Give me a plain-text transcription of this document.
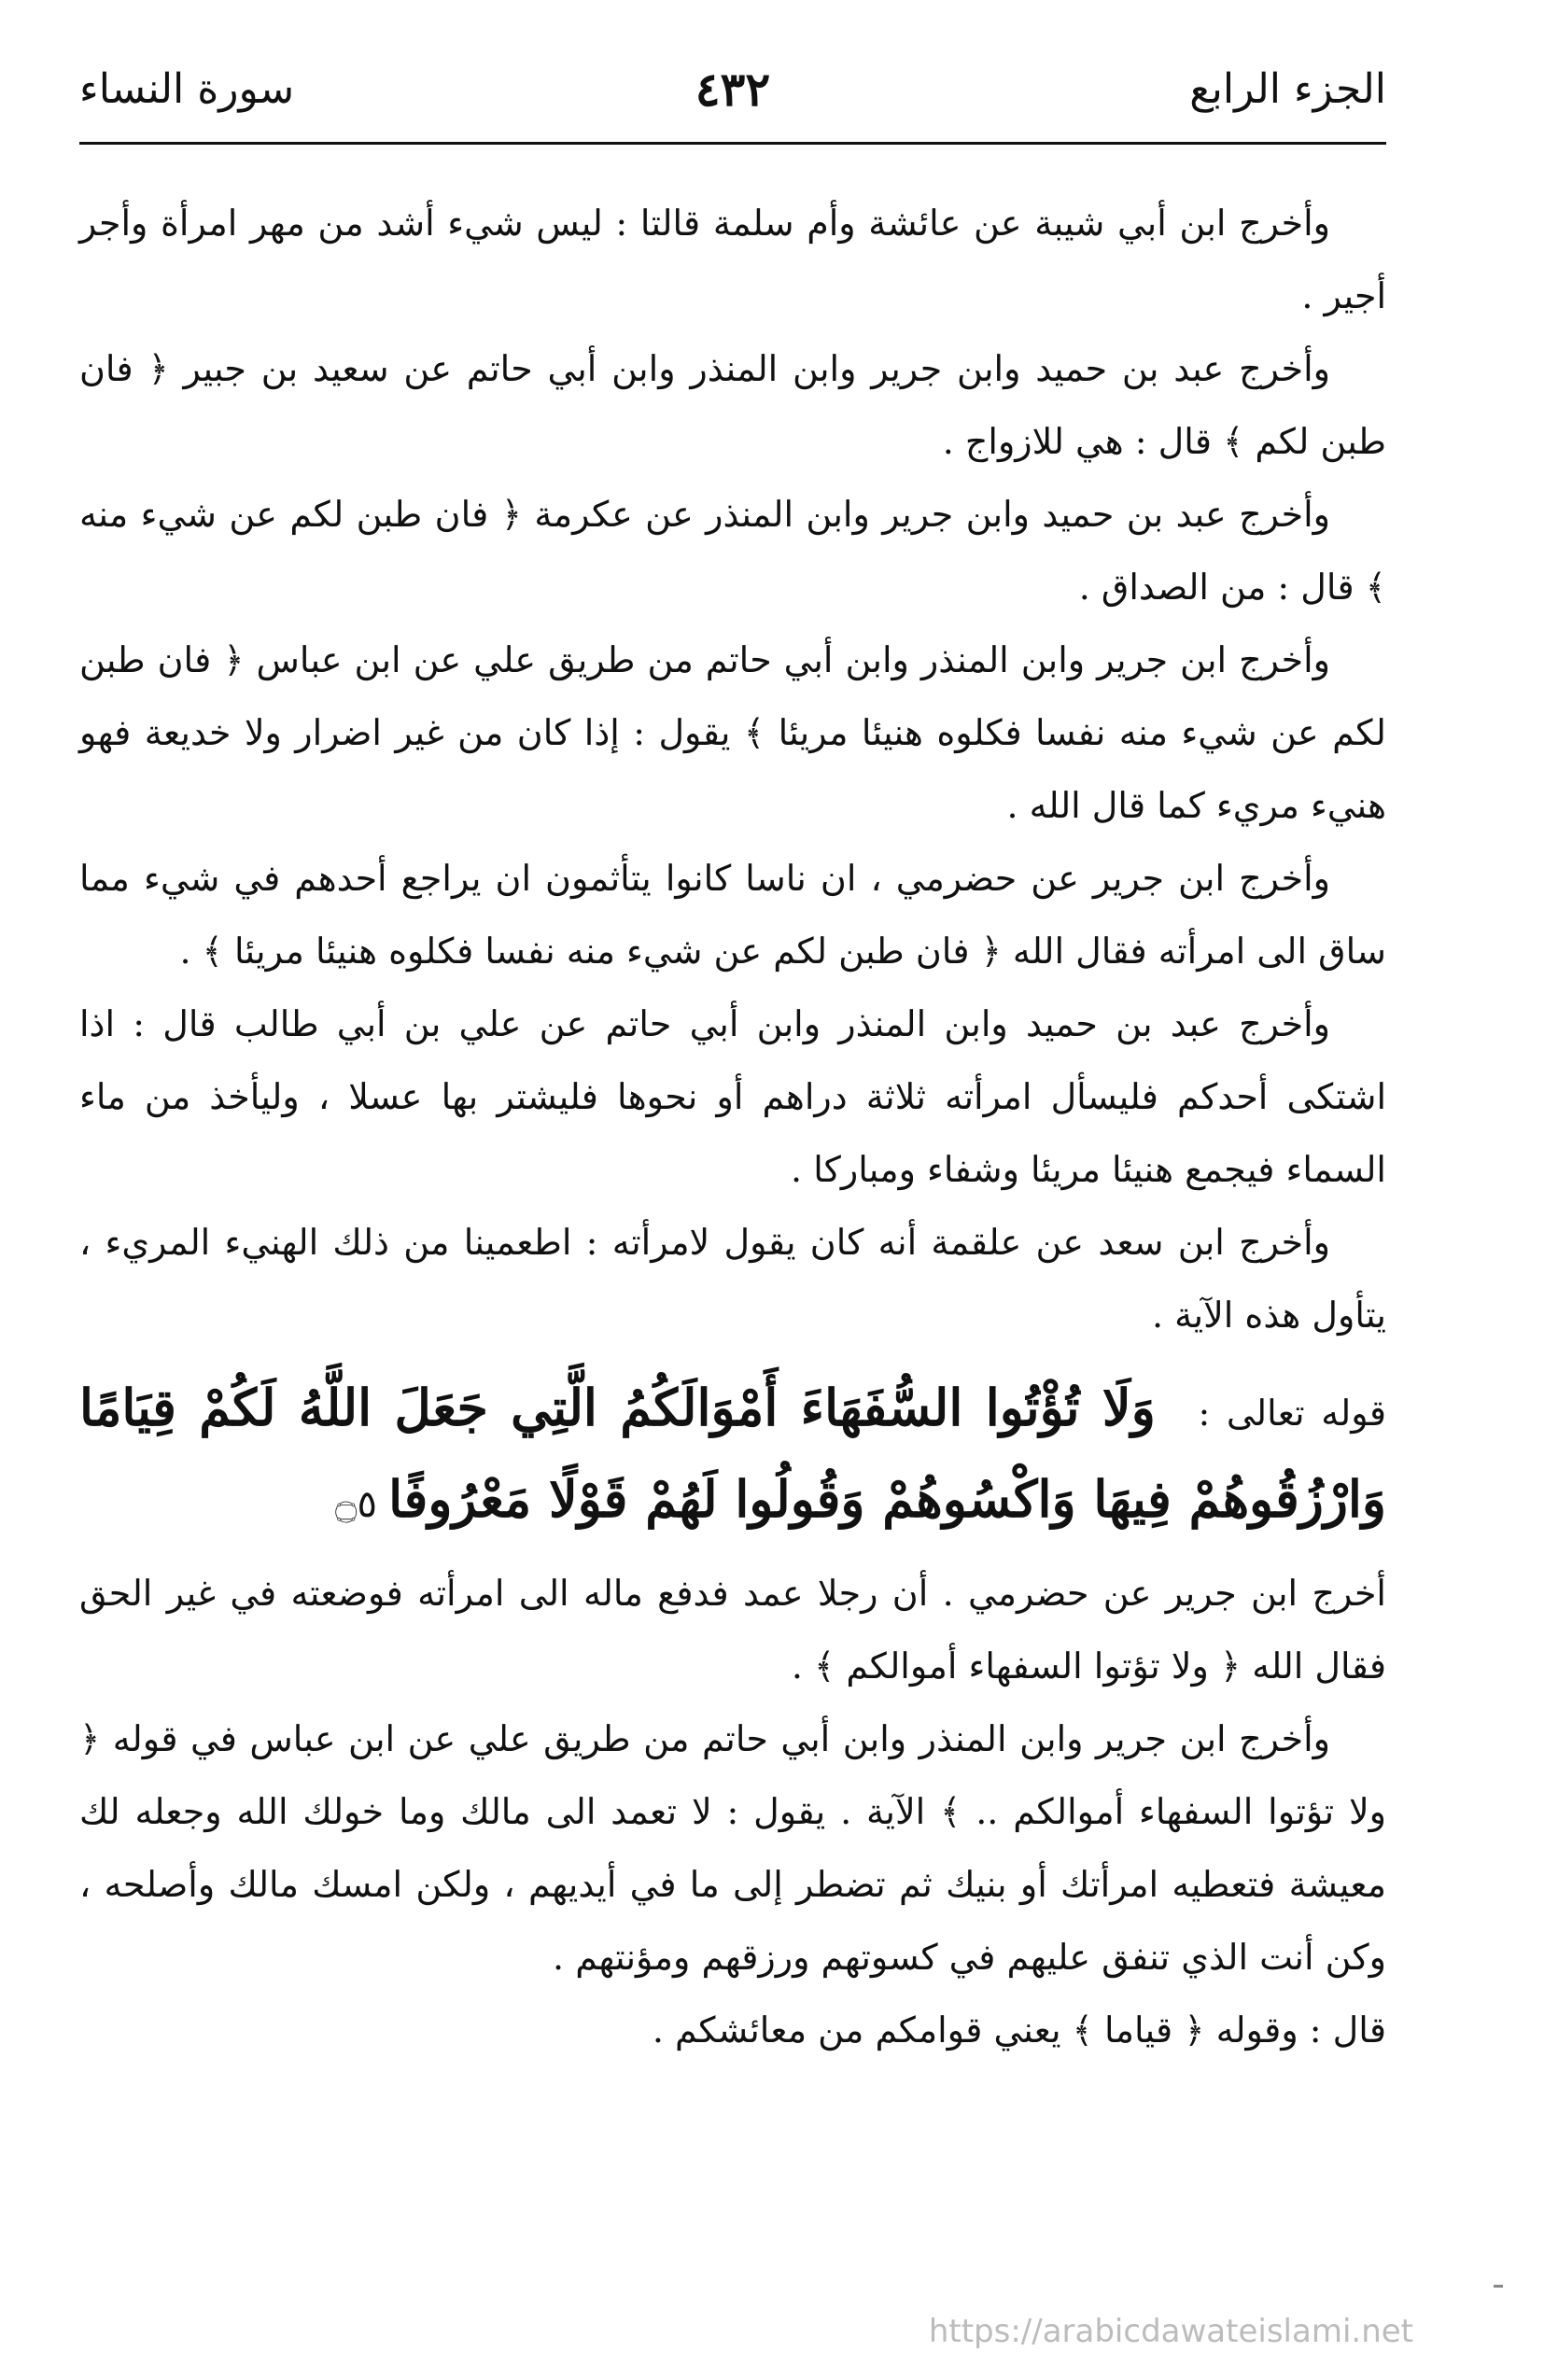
الجزء الرابع
٤٣٢
سورة النساء

وأخرج ابن أبي شيبة عن عائشة وأم سلمة قالتا : ليس شيء أشد من مهر امرأة وأجر أجير .

وأخرج عبد بن حميد وابن جرير وابن المنذر وابن أبي حاتم عن سعيد بن جبير ﴿ فان طبن لكم ﴾ قال : هي للازواج .

وأخرج عبد بن حميد وابن جرير وابن المنذر عن عكرمة ﴿ فان طبن لكم عن شيء منه ﴾ قال : من الصداق .

وأخرج ابن جرير وابن المنذر وابن أبي حاتم من طريق علي عن ابن عباس ﴿ فان طبن لكم عن شيء منه نفسا فكلوه هنيئا مريئا ﴾ يقول : إذا كان من غير اضرار ولا خديعة فهو هنيء مريء كما قال الله .

وأخرج ابن جرير عن حضرمي ، ان ناسا كانوا يتأثمون ان يراجع أحدهم في شيء مما ساق الى امرأته فقال الله ﴿ فان طبن لكم عن شيء منه نفسا فكلوه هنيئا مريئا ﴾ .

وأخرج عبد بن حميد وابن المنذر وابن أبي حاتم عن علي بن أبي طالب قال : اذا اشتكى أحدكم فليسأل امرأته ثلاثة دراهم أو نحوها فليشتر بها عسلا ، وليأخذ من ماء السماء فيجمع هنيئا مريئا وشفاء ومباركا .

وأخرج ابن سعد عن علقمة أنه كان يقول لامرأته : اطعمينا من ذلك الهنيء المريء ، يتأول هذه الآية .

قوله تعالى : وَلَا تُؤْتُوا السُّفَهَاءَ أَمْوَالَكُمُ الَّتِي جَعَلَ اللَّهُ لَكُمْ قِيَامًا وَارْزُقُوهُمْ فِيهَا وَاكْسُوهُمْ وَقُولُوا لَهُمْ قَوْلًا مَعْرُوفًا ۝٥

أخرج ابن جرير عن حضرمي . أن رجلا عمد فدفع ماله الى امرأته فوضعته في غير الحق فقال الله ﴿ ولا تؤتوا السفهاء أموالكم ﴾ .

وأخرج ابن جرير وابن المنذر وابن أبي حاتم من طريق علي عن ابن عباس في قوله ﴿ ولا تؤتوا السفهاء أموالكم .. ﴾ الآية . يقول : لا تعمد الى مالك وما خولك الله وجعله لك معيشة فتعطيه امرأتك أو بنيك ثم تضطر إلى ما في أيديهم ، ولكن امسك مالك وأصلحه ، وكن أنت الذي تنفق عليهم في كسوتهم ورزقهم ومؤنتهم .

قال : وقوله ﴿ قياما ﴾ يعني قوامكم من معائشكم .

https://arabicdawateislami.net
